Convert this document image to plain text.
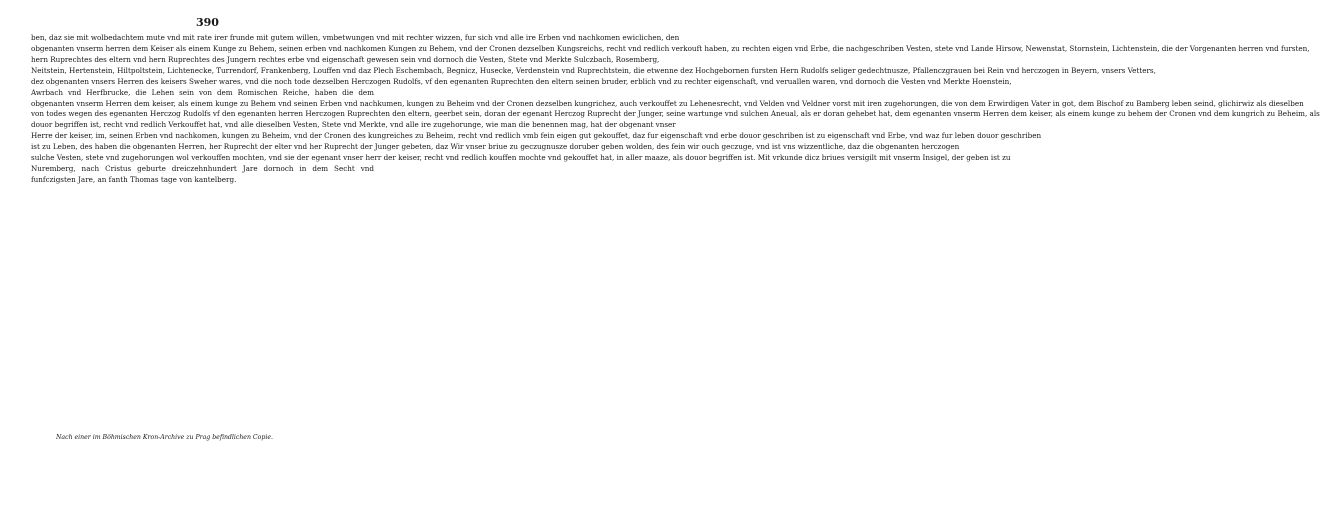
390
ben, daz sie mit wolbedachtem mute vnd mit rate irer frunde mit gutem willen, vmbetwungen vnd mit rechter wizzen, fur sich vnd alle ire Erben vnd nachkomen ewiclichen, den
obgenanten vnserm herren dem Keiser als einem Kunge zu Behem, seinen erben vnd nachkomen Kungen zu Behem, vnd der Cronen dezselben Kungsreichs, recht vnd redlich verkouft haben, zu rechten eigen vnd Erbe, die nachgeschriben Vesten, stete vnd Lande Hirsow, Newenstat, Stornstein, Lichtenstein, die der Vorgenanten herren vnd fursten,
hern Ruprechtes des eltern vnd hern Ruprechtes des Jungern rechtes erbe vnd eigenschaft gewesen sein vnd dornoch die Vesten, Stete vnd Merkte Sulczbach, Rosemberg,
Neitstein, Hertenstein, Hiltpoltstein, Lichtenecke, Turrendorf, Frankenberg, Louffen vnd daz Plech Eschembach, Begnicz, Husecke, Verdenstein vnd Ruprechtstein, die etwenne dez Hochgebornen fursten Hern Rudolfs seliger gedechtnusze, Pfallenczgrauen bei Rein vnd herczogen in Beyern, vnsers Vetters,
dez obgenanten vnsers Herren des keisers Sweher wares, vnd die noch tode dezselben Herczogen Rudolfs, vf den egenanten Ruprechten den eltern seinen bruder, erblich vnd zu rechter eigenschaft, vnd veruallen waren, vnd dornoch die Vesten vnd Merkte Hoenstein,
Awrbach vnd Herfbrucke, die Lehen sein von dem Romischen Reiche, haben die dem
obgenanten vnserm Herren dem keiser, als einem kunge zu Behem vnd seinen Erben vnd nachkumen, kungen zu Beheim vnd der Cronen dezselben kungrichez, auch verkouffet zu Lehenesrecht, vnd Velden vnd Veldner vorst mit iren zugehorungen, die von dem Erwirdigen Vater in got, dem Bischof zu Bamberg leben seind, glichirwiz als dieselben
von todes wegen des egenanten Herczog Rudolfs vf den egenanten herren Herczogen Ruprechten den eltern, geerbet sein, doran der egenant Herczog Ruprecht der Junger, seine wartunge vnd sulchen Aneual, als er doran gehebet hat, dem egenanten vnserm Herren dem keiser, als einem kunge zu behem der Cronen vnd dem kungrich zu Beheim, als
douor begriffen ist, recht vnd redlich Verkouffet hat, vnd alle dieselben Vesten, Stete vnd Merkte, vnd alle ire zugehorunge, wie man die benennen mag, hat der obgenant vnser
Herre der keiser, im, seinen Erben vnd nachkomen, kungen zu Beheim, vnd der Cronen des kungreiches zu Beheim, recht vnd redlich vmb fein eigen gut gekouffet, daz fur eigenschaft vnd erbe douor geschriben ist zu eigenschaft vnd Erbe, vnd waz fur leben douor geschriben
ist zu Leben, des haben die obgenanten Herren, her Ruprecht der elter vnd her Ruprecht der Junger gebeten, daz Wir vnser briue zu geczugnusze doruber geben wolden, des fein wir ouch geczuge, vnd ist vns wizzentliche, daz die obgenanten herczogen
sulche Vesten, stete vnd zugehorungen wol verkouffen mochten, vnd sie der egenant vnser herr der keiser, recht vnd redlich kouffen mochte vnd gekouffet hat, in aller maaze, als douor begriffen ist. Mit vrkunde dicz briues versigilt mit vnserm Insigel, der geben ist zu
Nuremberg, nach Cristus geburte dreiczehnhundert Jare dornoch in dem Secht vnd
funfczigsten Jare, an fanth Thomas tage von kantelberg.
Nach einer im Böhmischen Kron-Archive zu Prag befindlichen Copie.
